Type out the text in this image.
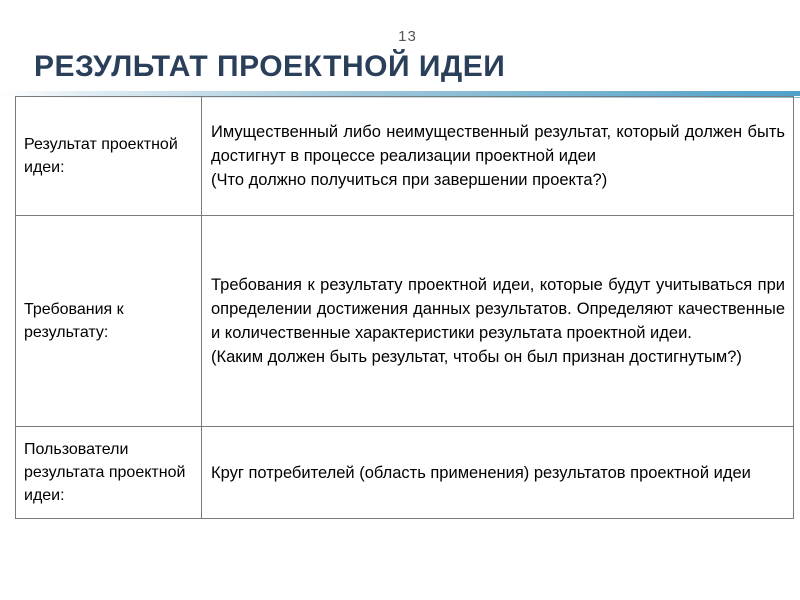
13
РЕЗУЛЬТАТ ПРОЕКТНОЙ ИДЕИ
Результат проектной идеи:	Имущественный либо неимущественный результат, который должен быть достигнут в процессе реализации проектной идеи

(Что должно получиться при завершении проекта?)

Требования к результату:	Требования к результату проектной идеи, которые будут учитываться при определении достижения данных результатов. Определяют качественные и количественные характеристики результата проектной идеи.

(Каким должен быть результат, чтобы он был признан достигнутым?)

Пользователи результата проектной идеи:	Круг потребителей (область применения) результатов проектной идеи
